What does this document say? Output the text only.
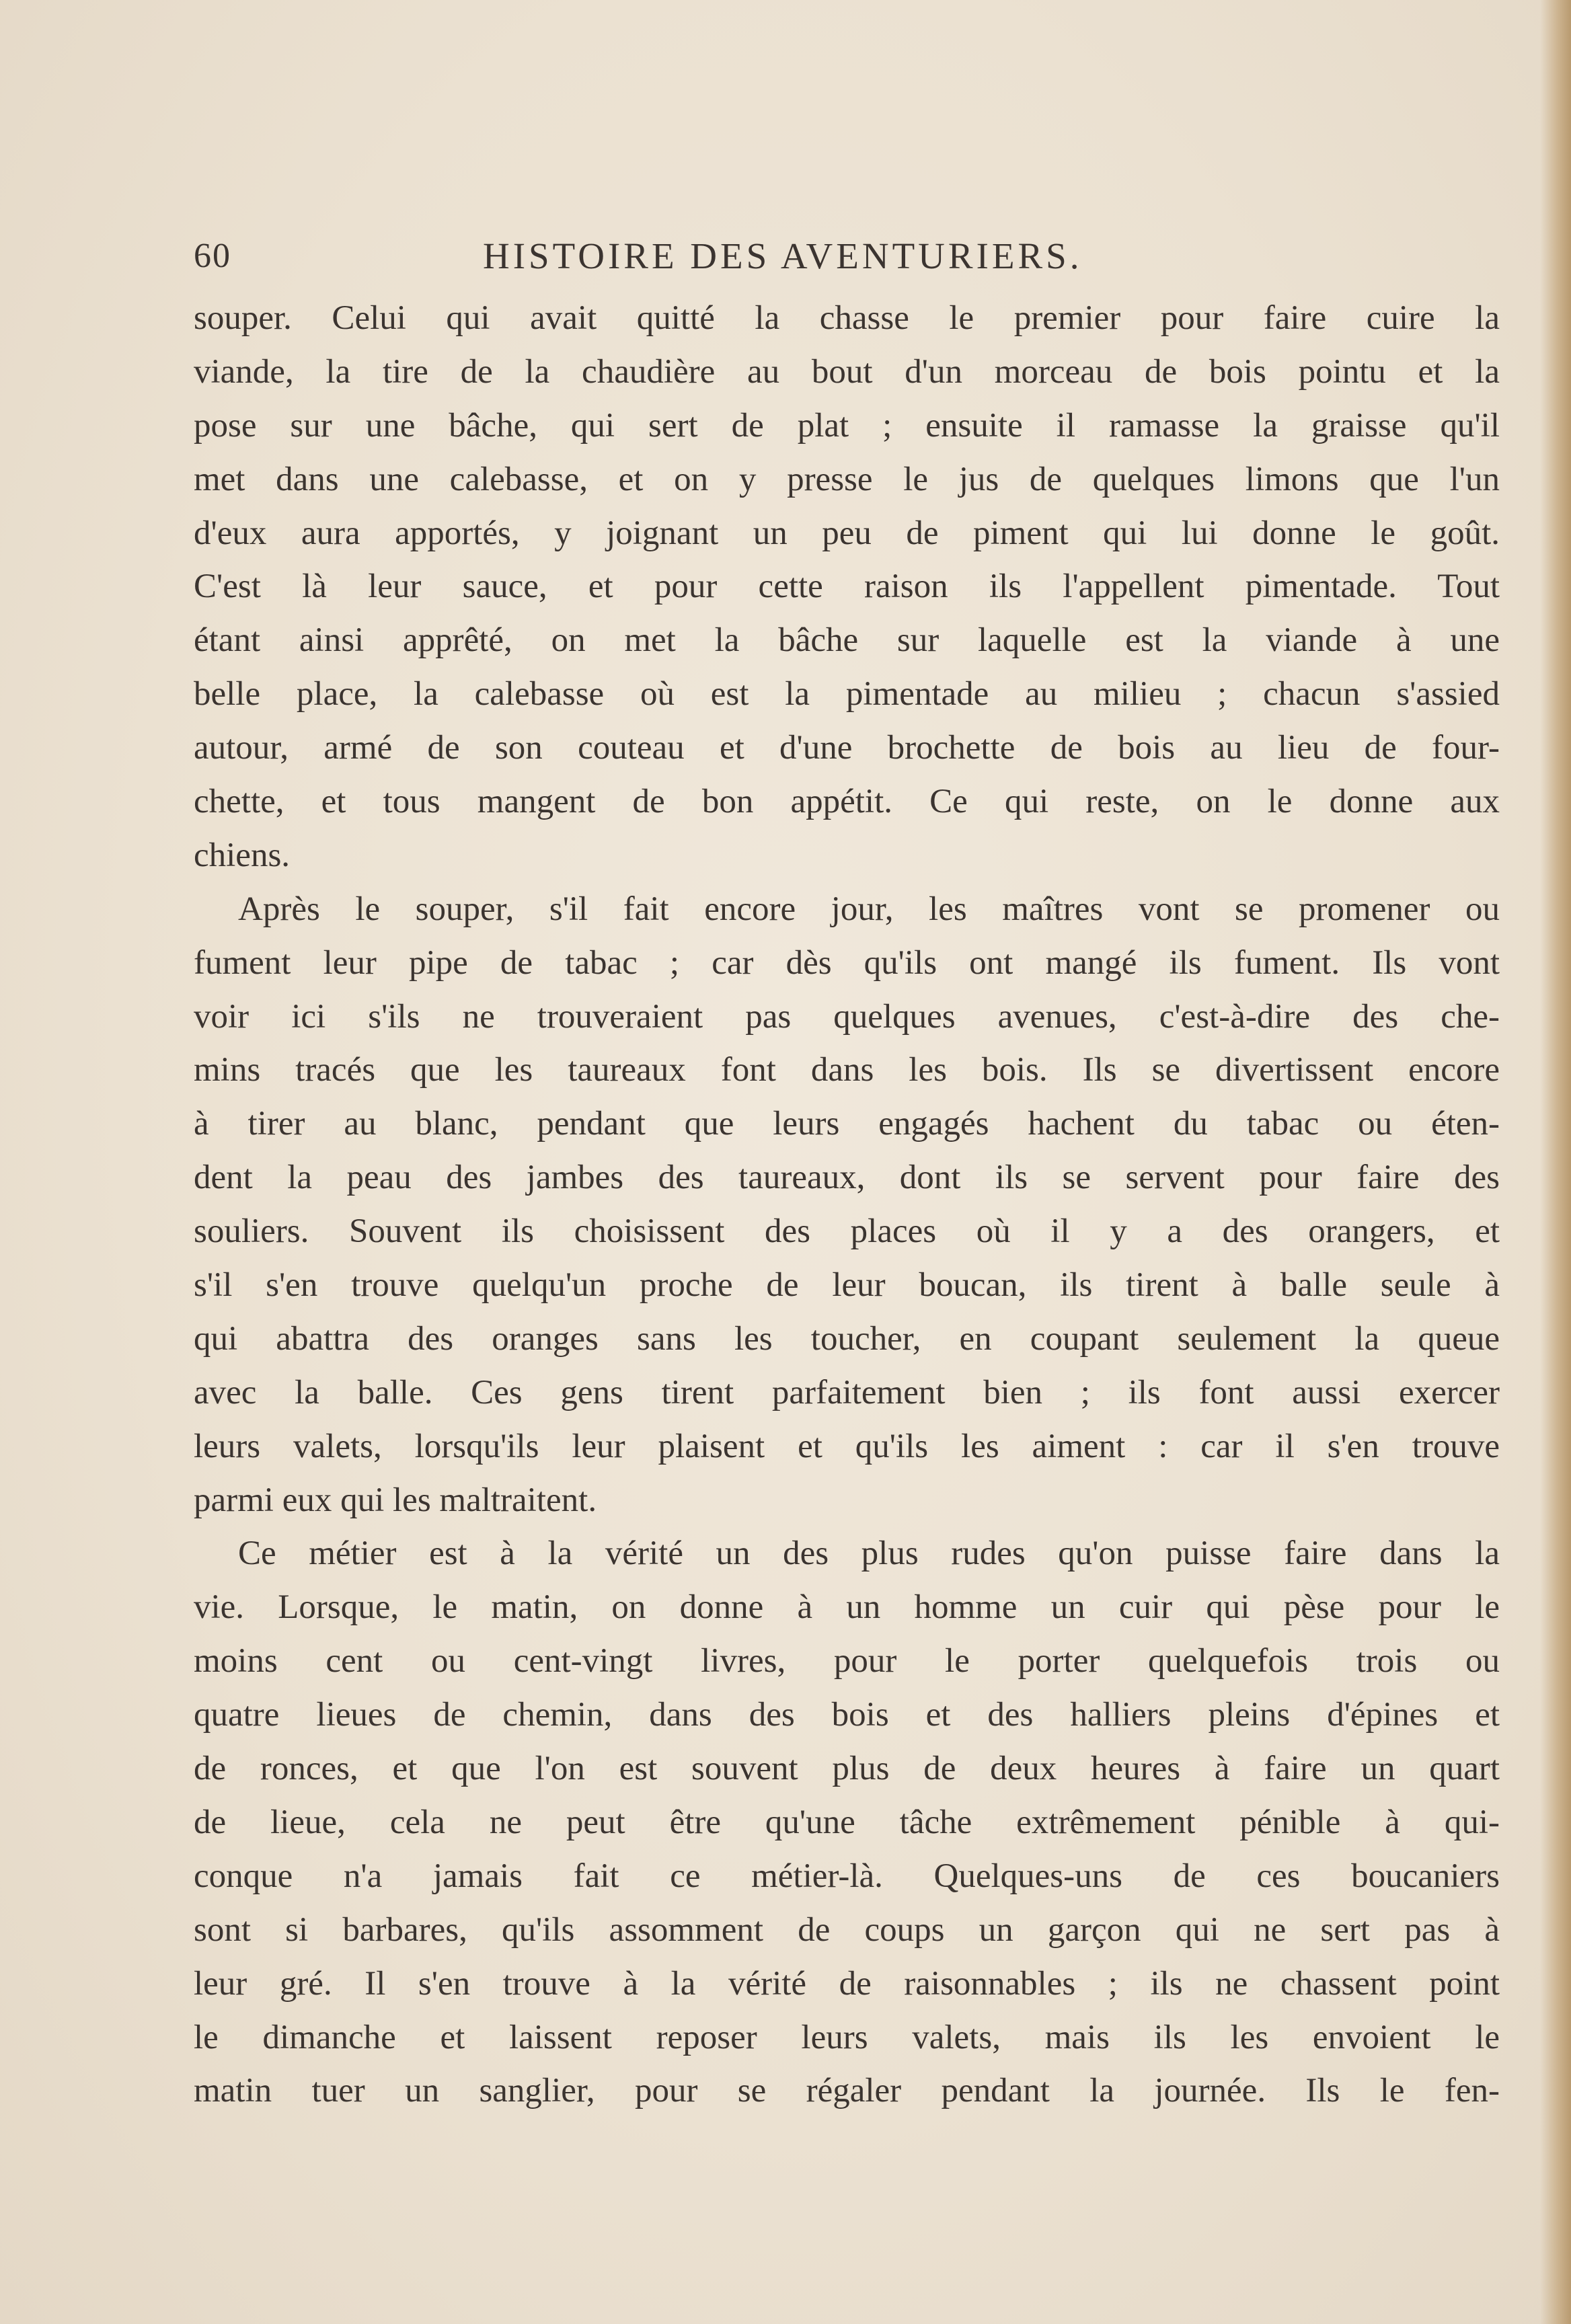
60	HISTOIRE DES AVENTURIERS.
souper. Celui qui avait quitté la chasse le premier pour faire cuire la
viande, la tire de la chaudière au bout d'un morceau de bois pointu et la
pose sur une bâche, qui sert de plat ; ensuite il ramasse la graisse qu'il
met dans une calebasse, et on y presse le jus de quelques limons que l'un
d'eux aura apportés, y joignant un peu de piment qui lui donne le goût.
C'est là leur sauce, et pour cette raison ils l'appellent pimentade. Tout
étant ainsi apprêté, on met la bâche sur laquelle est la viande à une
belle place, la calebasse où est la pimentade au milieu ; chacun s'assied
autour, armé de son couteau et d'une brochette de bois au lieu de four-
chette, et tous mangent de bon appétit. Ce qui reste, on le donne aux
chiens.
Après le souper, s'il fait encore jour, les maîtres vont se promener ou
fument leur pipe de tabac ; car dès qu'ils ont mangé ils fument. Ils vont
voir ici s'ils ne trouveraient pas quelques avenues, c'est-à-dire des che-
mins tracés que les taureaux font dans les bois. Ils se divertissent encore
à tirer au blanc, pendant que leurs engagés hachent du tabac ou éten-
dent la peau des jambes des taureaux, dont ils se servent pour faire des
souliers. Souvent ils choisissent des places où il y a des orangers, et
s'il s'en trouve quelqu'un proche de leur boucan, ils tirent à balle seule à
qui abattra des oranges sans les toucher, en coupant seulement la queue
avec la balle. Ces gens tirent parfaitement bien ; ils font aussi exercer
leurs valets, lorsqu'ils leur plaisent et qu'ils les aiment : car il s'en trouve
parmi eux qui les maltraitent.
Ce métier est à la vérité un des plus rudes qu'on puisse faire dans la
vie. Lorsque, le matin, on donne à un homme un cuir qui pèse pour le
moins cent ou cent-vingt livres, pour le porter quelquefois trois ou
quatre lieues de chemin, dans des bois et des halliers pleins d'épines et
de ronces, et que l'on est souvent plus de deux heures à faire un quart
de lieue, cela ne peut être qu'une tâche extrêmement pénible à qui-
conque n'a jamais fait ce métier-là. Quelques-uns de ces boucaniers
sont si barbares, qu'ils assomment de coups un garçon qui ne sert pas à
leur gré. Il s'en trouve à la vérité de raisonnables ; ils ne chassent point
le dimanche et laissent reposer leurs valets, mais ils les envoient le
matin tuer un sanglier, pour se régaler pendant la journée. Ils le fen-
